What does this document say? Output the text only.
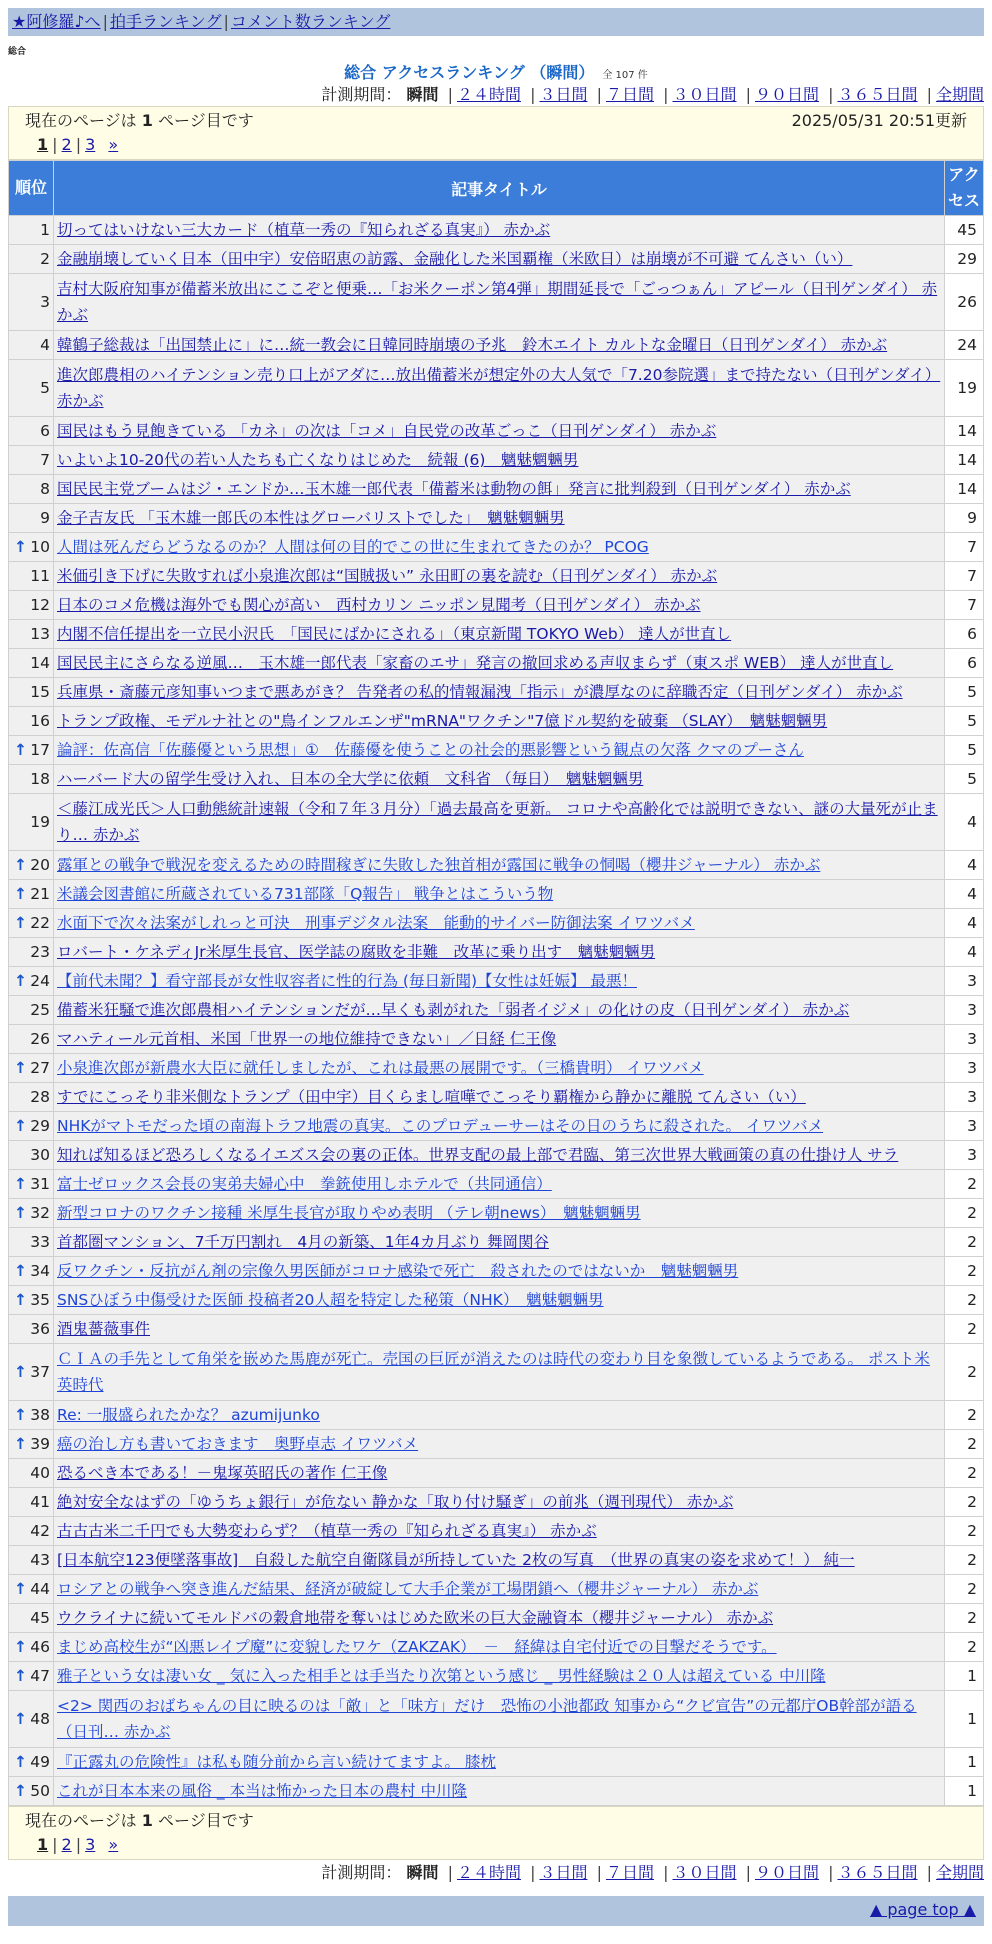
★阿修羅♪へ | 拍手ランキング | コメント数ランキング
総合
総合 アクセスランキング （瞬間） 全 107 件
計測期間： 瞬間 | ２４時間 | ３日間 | ７日間 | ３０日間 | ９０日間 | ３６５日間 | 全期間
現在のページは 1 ページ目です	2025/05/31 20:51更新
1 | 2 | 3 »
順位	記事タイトル	アクセス
1	切ってはいけない三大カード（植草一秀の『知られざる真実』） 赤かぶ	45
2	金融崩壊していく日本（田中宇）安倍昭恵の訪露、金融化した米国覇権（米欧日）は崩壊が不可避 てんさい（い）	29
3	吉村大阪府知事が備蓄米放出にここぞと便乗…「お米クーポン第4弾」期間延長で「ごっつぁん」アピール（日刊ゲンダイ） 赤かぶ	26
4	韓鶴子総裁は「出国禁止に」に…統一教会に日韓同時崩壊の予兆　鈴木エイト カルトな金曜日（日刊ゲンダイ） 赤かぶ	24
5	進次郎農相のハイテンション売り口上がアダに…放出備蓄米が想定外の大人気で「7.20参院選」まで持たない（日刊ゲンダイ） 赤かぶ	19
6	国民はもう見飽きている 「カネ」の次は「コメ」自民党の改革ごっこ（日刊ゲンダイ） 赤かぶ	14
7	いよいよ10-20代の若い人たちも亡くなりはじめた　続報 (6)　魑魅魍魎男	14
8	国民民主党ブームはジ・エンドか…玉木雄一郎代表「備蓄米は動物の餌」発言に批判殺到（日刊ゲンダイ） 赤かぶ	14
9	金子吉友氏 「玉木雄一郎氏の本性はグローバリストでした」　魑魅魍魎男	9

↑ 10	人間は死んだらどうなるのか？人間は何の目的でこの世に生まれてきたのか？ PCOG	7
11	米価引き下げに失敗すれば小泉進次郎は“国賊扱い” 永田町の裏を読む（日刊ゲンダイ） 赤かぶ	7
12	日本のコメ危機は海外でも関心が高い　西村カリン ニッポン見聞考（日刊ゲンダイ） 赤かぶ	7
13	内閣不信任提出を一立民小沢氏　「国民にばかにされる」（東京新聞 TOKYO Web） 達人が世直し	6
14	国民民主にさらなる逆風…　玉木雄一郎代表「家畜のエサ」発言の撤回求める声収まらず（東スポ WEB） 達人が世直し	6
15	兵庫県・斎藤元彦知事いつまで悪あがき？ 告発者の私的情報漏洩「指示」が濃厚なのに辞職否定（日刊ゲンダイ） 赤かぶ	5
16	トランプ政権、モデルナ社との"鳥インフルエンザ"mRNA"ワクチン"7億ドル契約を破棄 （SLAY）　魑魅魍魎男	5

↑ 17	論評：佐高信「佐藤優という思想」①　佐藤優を使うことの社会的悪影響という観点の欠落 クマのプーさん	5
18	ハーバード大の留学生受け入れ、日本の全大学に依頼　文科省 （毎日）　魑魅魍魎男	5
19	＜藤江成光氏＞人口動態統計速報（令和７年３月分）「過去最高を更新。 コロナや高齢化では説明できない、謎の大量死が止まり… 赤かぶ	4

↑ 20	露軍との戦争で戦況を変えるための時間稼ぎに失敗した独首相が露国に戦争の恫喝（櫻井ジャーナル） 赤かぶ	4

↑ 21	米議会図書館に所蔵されている731部隊「Q報告」 戦争とはこういう物	4

↑ 22	水面下で次々法案がしれっと可決　刑事デジタル法案　能動的サイバー防御法案 イワツバメ	4
23	ロバート・ケネディJr米厚生長官、医学誌の腐敗を非難　改革に乗り出す　魑魅魍魎男	4

↑ 24	【前代未聞？】看守部長が女性収容者に性的行為 (毎日新聞)【女性は妊娠】 最悪！	3
25	備蓄米狂騒で進次郎農相ハイテンションだが…早くも剥がれた「弱者イジメ」の化けの皮（日刊ゲンダイ） 赤かぶ	3
26	マハティール元首相、米国「世界一の地位維持できない」／日経 仁王像	3

↑ 27	小泉進次郎が新農水大臣に就任しましたが、これは最悪の展開です。（三橋貴明） イワツバメ	3
28	すでにこっそり非米側なトランプ（田中宇）目くらまし喧嘩でこっそり覇権から静かに離脱 てんさい（い）	3

↑ 29	NHKがマトモだった頃の南海トラフ地震の真実。このプロデューサーはその日のうちに殺された。 イワツバメ	3
30	知れば知るほど恐ろしくなるイエズス会の裏の正体。世界支配の最上部で君臨、第三次世界大戦画策の真の仕掛け人 サラ	3

↑ 31	富士ゼロックス会長の実弟夫婦心中　拳銃使用しホテルで（共同通信）	2

↑ 32	新型コロナのワクチン接種 米厚生長官が取りやめ表明 （テレ朝news）　魑魅魍魎男	2
33	首都圏マンション、7千万円割れ　4月の新築、1年4カ月ぶり 舞岡関谷	2

↑ 34	反ワクチン・反抗がん剤の宗像久男医師がコロナ感染で死亡　殺されたのではないか　魑魅魍魎男	2

↑ 35	SNSひぼう中傷受けた医師 投稿者20人超を特定した秘策（NHK）　魑魅魍魎男	2
36	酒鬼薔薇事件	2

↑ 37	ＣＩＡの手先として角栄を嵌めた馬鹿が死亡。売国の巨匠が消えたのは時代の変わり目を象徴しているようである。 ポスト米英時代	2

↑ 38	Re: 一服盛られたかな？ azumijunko	2

↑ 39	癌の治し方も書いておきます　奥野卓志 イワツバメ	2
40	恐るべき本である！－鬼塚英昭氏の著作 仁王像	2
41	絶対安全なはずの「ゆうちょ銀行」が危ない 静かな「取り付け騒ぎ」の前兆（週刊現代） 赤かぶ	2
42	古古古米二千円でも大勢変わらず？（植草一秀の『知られざる真実』） 赤かぶ	2
43	[日本航空123便墜落事故]　自殺した航空自衛隊員が所持していた 2枚の写真　（世界の真実の姿を求めて！） 純一	2

↑ 44	ロシアとの戦争へ突き進んだ結果、経済が破綻して大手企業が工場閉鎖へ（櫻井ジャーナル） 赤かぶ	2
45	ウクライナに続いてモルドバの穀倉地帯を奪いはじめた欧米の巨大金融資本（櫻井ジャーナル） 赤かぶ	2

↑ 46	まじめ高校生が“凶悪レイプ魔”に変貌したワケ（ZAKZAK）　－　経緯は自宅付近での目撃だそうです。	2

↑ 47	雅子という女は凄い女 _ 気に入った相手とは手当たり次第という感じ _ 男性経験は２０人は超えている 中川隆	1

↑ 48	<2> 関西のおばちゃんの目に映るのは「敵」と「味方」だけ　恐怖の小池都政 知事から“クビ宣告”の元都庁OB幹部が語る（日刊… 赤かぶ	1

↑ 49	『正露丸の危険性』は私も随分前から言い続けてますよ。 膝枕	1

↑ 50	これが日本本来の風俗 _ 本当は怖かった日本の農村 中川隆	1
現在のページは 1 ページ目です
1 | 2 | 3 »
計測期間： 瞬間 | ２４時間 | ３日間 | ７日間 | ３０日間 | ９０日間 | ３６５日間 | 全期間
▲ page top ▲
